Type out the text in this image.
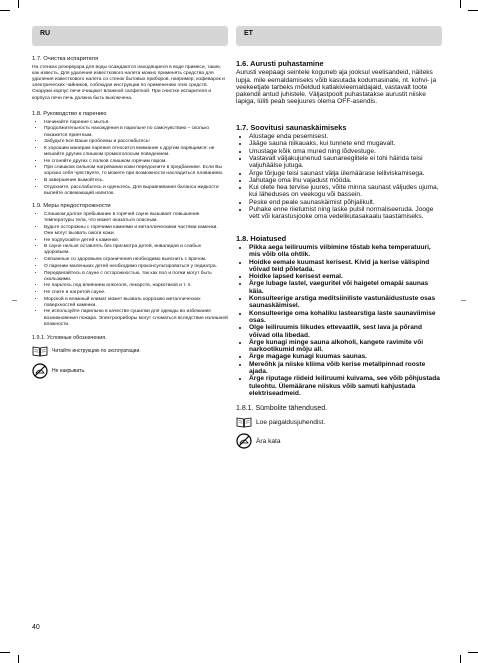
RU	ET
1.7. Очистка испарителя

На стенках резервуара для воды осаждаются находящиеся в воде примеси, такие, как известь. Для удаления известкового налета можно применять средства для удаления известкового налета со стенок бытовых приборов, например, кофеварок и электрических чайников, соблюдая инструкции по применению этих средств. Снаружи корпус печи очищают влажной салфеткой. При очистке испарителя и корпуса печи печь должна быть выключена.

1.8. Руководство к парению
• Начинайте парение с мытья.
• Продолжительность нахождения в парильне по самочувствию – сколько покажется приятным.
• Забудьте все Ваши проблемы и расслабьтесь!
• К хорошим манерам парения относится внимание к другим парящимся: не мешайте другим слишком громкоголосым поведением.
• Не сгоняйте других с полков слишком горячим паром.
• При слишком сильном нагревании кожи передохните в предбаннике. Если Вы хорошо себя чувствуете, то можете при возможности насладиться плаванием.
• В завершение вымойтесь.
• Отдохните, расслабьтесь и оденьтесь. Для выравнивания баланса жидкости выпейте освежающий напиток.
1.9. Меры предосторожности
• Слишком долгое пребывание в горячей сауне вызывает повышение температуры тела, что может оказаться опасным.
• Будьте осторожны с горячими камнями и металлическими частями каменки. Они могут вызвать ожоги кожи.
• Не подпускайте детей к каменке.
• В сауне нельзя оставлять без присмотра детей, инвалидов и слабых здоровьем.
• Связанные со здоровьем ограничения необходимо выяснить с врачом.
• О парении маленьких детей необходимо проконсультироваться у педиатра.
• Передвигайтесь в сауне с осторожностью, так как пол и полки могут быть скользкими.
• Не парьтесь под влиянием алкоголя, лекарств, наркотиков и т. п.
• Не спите в нагретой сауне.
• Морской и влажный климат может вызвать коррозию металлических поверхностей каменки.
• Не используйте парильню в качестве сушилки для одежды во избежание возникновения пожара. Электроприборы могут сломаться вследствие излишней влажности.
1.9.1. Условные обозначения.
Читайте инструкцию по эксплуатации.
Не накрывать.
1.6. Aurusti puhastamine

Aurusti veepaagi seintele koguneb aja jooksul veelisandeid, näiteks lupja. mile eemaldamiseks võib kasutada kodumasinate, nt. kohvi- ja veekeetjate tarbeks mõeldud katlakivieemaldajaid, vastavalt toote pakendil antud juhistele. Väljastpoolt puhastatakse aurustit niiske lapiga, lüliti peab seejuures olema OFF-asendis.

1.7. Soovitusi saunaskäimiseks
• Alustage enda pesemisest.
• Jääge sauna niikauaks, kui tunnete end mugavalt.
• Unustage kõik oma mured ning lõdvestuge.
• Vastavalt väljakujunenud saunareeglitele ei tohi häirida teisi valjuhäälse jutuga.
• Ärge tõrjuge teisi saunast välja ülemäärase leiliviskamisega.
• Jahutage oma ihu vajadust mööda.
• Kui olete hea tervise juures, võite minna saunast väljudes ujuma, kui läheduses on veekogu või bassein.
• Peske end peale saunaskäimist põhjalikult.
• Puhake enne riietumist ning laske pulsil normaliseeruda. Jooge vett või karastusjooke oma vedelikutasakaalu taastamiseks.
1.8. Hoiatused
• Pikka aega leiliruumis viibimine tõstab keha temperatuuri, mis võib olla ohtlik.
• Hoidke eemale kuumast kerisest. Kivid ja kerise välispind võivad teid põletada.
• Hoidke lapsed kerisest eemal.
• Ärge lubage lastel, vaeguritel või haigetel omapäi saunas käia.
• Konsulteerige arstiga meditsiiniliste vastunäidustuste osas saunaskäimisel.
• Konsulteerige oma kohaliku lastearstiga laste saunaviimise osas.
• Olge leiliruumis liikudes ettevaatlik, sest lava ja põrand võivad olla libedad.
• Ärge kunagi minge sauna alkoholi, kangete ravimite või narkootikumid mõju all.
• Ärge magage kunagi kuumas saunas.
• Mereõhk ja niiske kliima võib kerise metallpinnad rooste ajada.
• Ärge riputage riideid leiliruumi kuivama, see võib põhjustada tuleohtu. Ülemäärane niiskus võib samuti kahjustada elektriseadmeid.
1.8.1. Sümbolite tähendused.
Loe paigaldusjuhendist.
Ära kata
40
